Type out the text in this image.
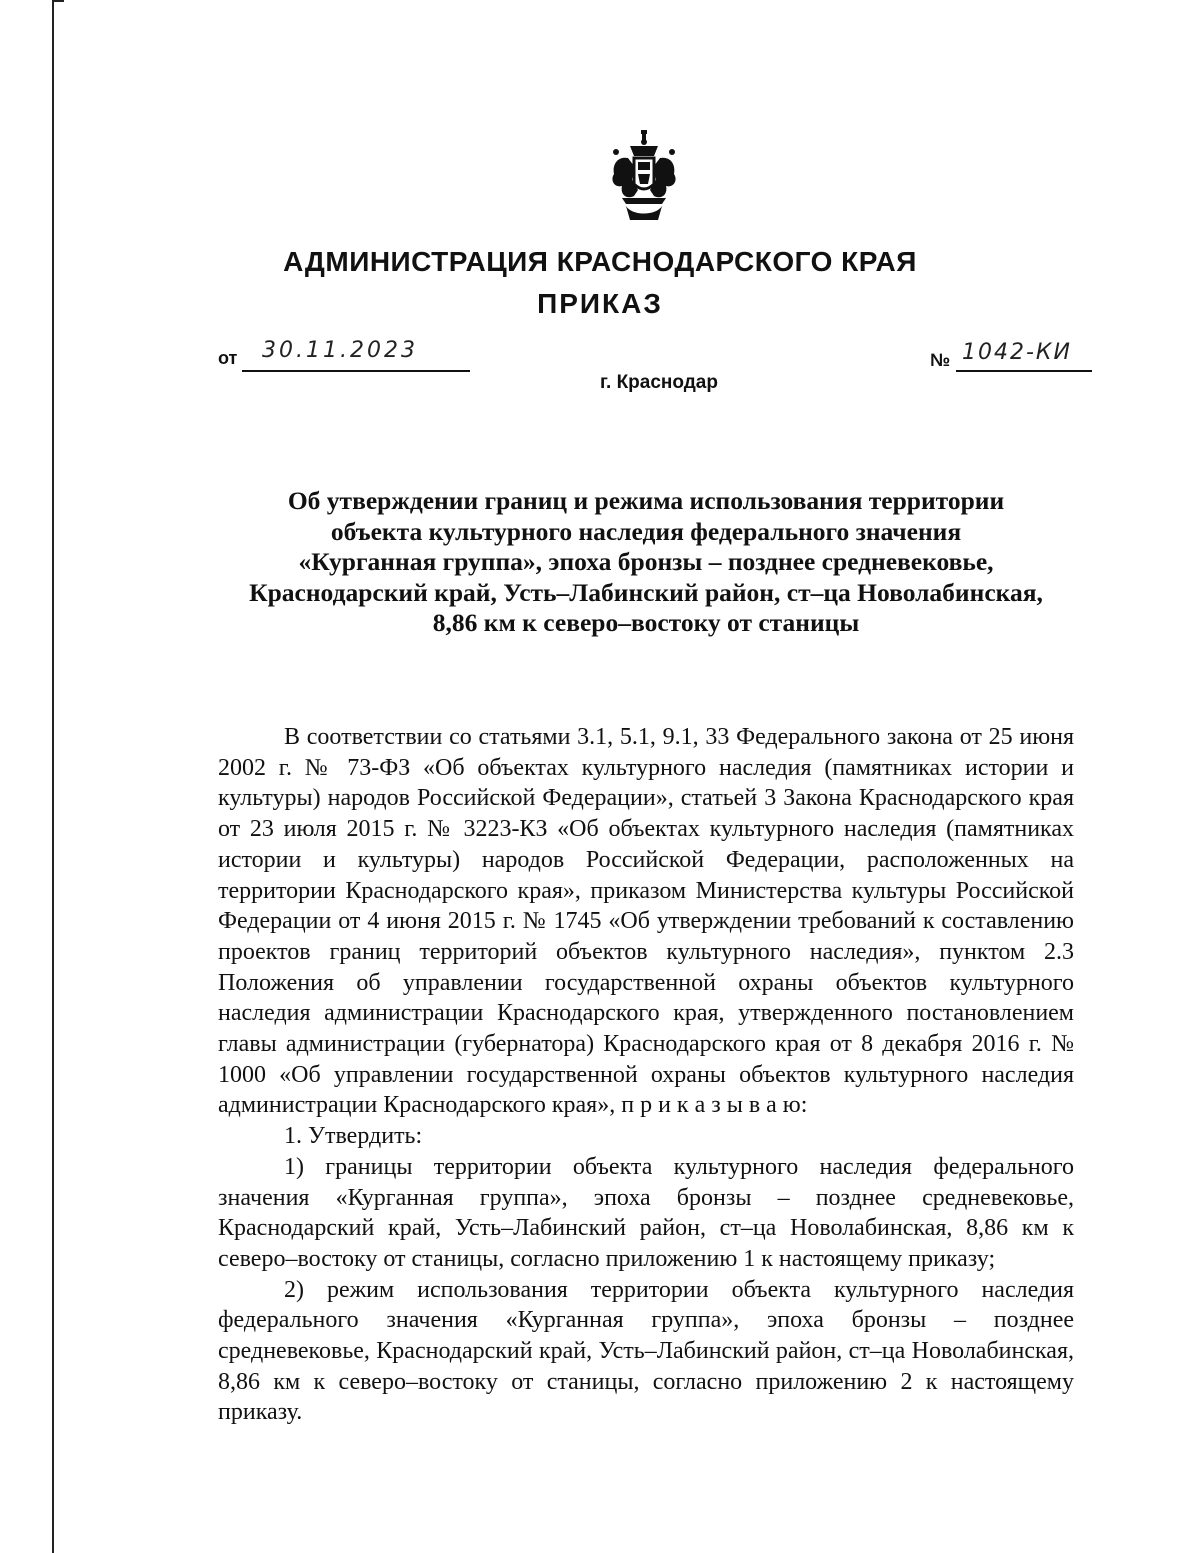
АДМИНИСТРАЦИЯ КРАСНОДАРСКОГО КРАЯ
ПРИКАЗ
от 30.11.2023	№ 1042-КИ
г. Краснодар
Об утверждении границ и режима использования территории
объекта культурного наследия федерального значения
«Курганная группа», эпоха бронзы – позднее средневековье,
Краснодарский край, Усть–Лабинский район, ст–ца Новолабинская,
8,86 км к северо–востоку от станицы

В соответствии со статьями 3.1, 5.1, 9.1, 33 Федерального закона от 25 июня 2002 г. № 73-ФЗ «Об объектах культурного наследия (памятниках истории и культуры) народов Российской Федерации», статьей 3 Закона Краснодарского края от 23 июля 2015 г. № 3223-КЗ «Об объектах культурного наследия (памятниках истории и культуры) народов Российской Федерации, расположенных на территории Краснодарского края», приказом Министерства культуры Российской Федерации от 4 июня 2015 г. № 1745 «Об утверждении требований к составлению проектов границ территорий объектов культурного наследия», пунктом 2.3 Положения об управлении государственной охраны объектов культурного наследия администрации Краснодарского края, утвержденного постановлением главы администрации (губернатора) Краснодарского края от 8 декабря 2016 г. № 1000 «Об управлении государственной охраны объектов культурного наследия администрации Краснодарского края», п р и к а з ы в а ю:

1. Утвердить:

1) границы территории объекта культурного наследия федерального значения «Курганная группа», эпоха бронзы – позднее средневековье, Краснодарский край, Усть–Лабинский район, ст–ца Новолабинская, 8,86 км к северо–востоку от станицы, согласно приложению 1 к настоящему приказу;

2) режим использования территории объекта культурного наследия федерального значения «Курганная группа», эпоха бронзы – позднее средневековье, Краснодарский край, Усть–Лабинский район, ст–ца Новолабинская, 8,86 км к северо–востоку от станицы, согласно приложению 2 к настоящему приказу.
